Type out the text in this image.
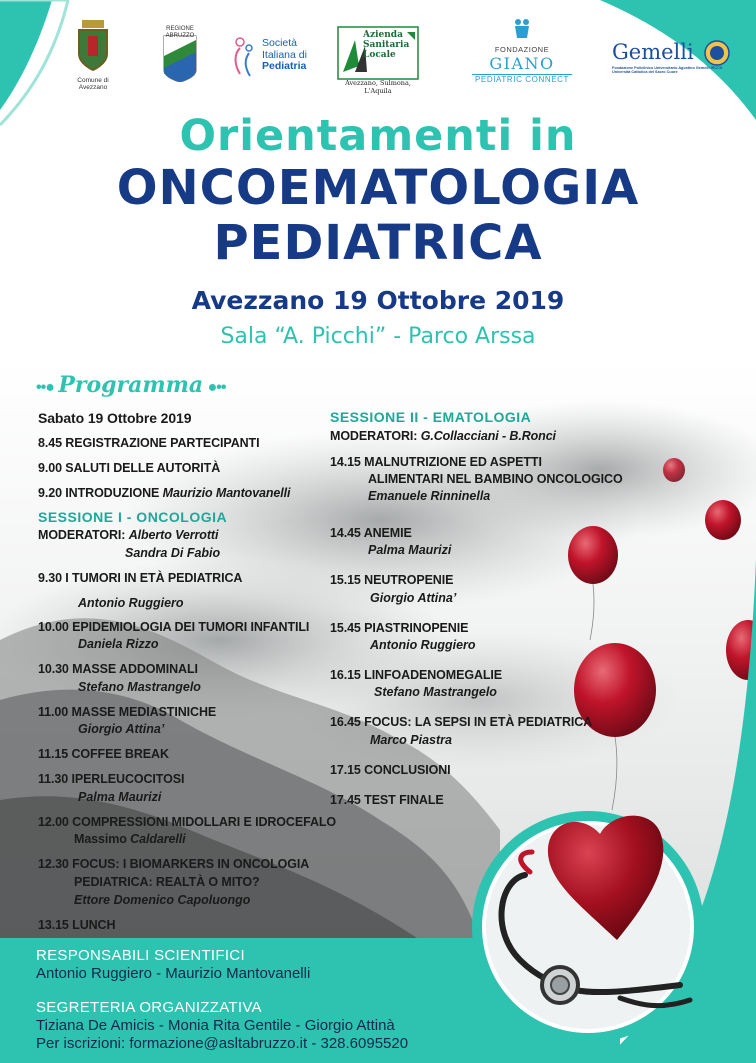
Comune di
Avezzano
REGIONE ABRUZZO
Società
Italiana di
Pediatria
Azienda
Sanitaria
Locale
Avezzano, Sulmona,
L'Aquila
FONDAZIONE
GIANO
PEDIATRIC CONNECT
Gemelli
Fondazione Policlinico Universitario Agostino Gemelli IRCCS
Università Cattolica del Sacro Cuore
Orientamenti in
ONCOEMATOLOGIA
PEDIATRICA
Avezzano 19 Ottobre 2019
Sala “A. Picchi” - Parco Arssa
••● Programma ●••
Sabato 19 Ottobre 2019
8.45 REGISTRAZIONE PARTECIPANTI
9.00 SALUTI DELLE AUTORITÀ
9.20 INTRODUZIONE Maurizio Mantovanelli
SESSIONE I - ONCOLOGIA
MODERATORI: Alberto Verrotti
Sandra Di Fabio
9.30 I TUMORI IN ETÀ PEDIATRICA
Antonio Ruggiero
10.00 EPIDEMIOLOGIA DEI TUMORI INFANTILI
Daniela Rizzo
10.30 MASSE ADDOMINALI
Stefano Mastrangelo
11.00 MASSE MEDIASTINICHE
Giorgio Attina’
11.15 COFFEE BREAK
11.30 IPERLEUCOCITOSI
Palma Maurizi
12.00 COMPRESSIONI MIDOLLARI E IDROCEFALO
Massimo Caldarelli
12.30 FOCUS: I BIOMARKERS IN ONCOLOGIA
PEDIATRICA: REALTÀ O MITO?
Ettore Domenico Capoluongo
13.15 LUNCH
SESSIONE II - EMATOLOGIA
MODERATORI: G.Collacciani - B.Ronci
14.15 MALNUTRIZIONE ED ASPETTI
ALIMENTARI NEL BAMBINO ONCOLOGICO
Emanuele Rinninella
14.45 ANEMIE
Palma Maurizi
15.15 NEUTROPENIE
Giorgio Attina’
15.45 PIASTRINOPENIE
Antonio Ruggiero
16.15 LINFOADENOMEGALIE
Stefano Mastrangelo
16.45 FOCUS: LA SEPSI IN ETÀ PEDIATRICA
Marco Piastra
17.15 CONCLUSIONI
17.45 TEST FINALE
RESPONSABILI SCIENTIFICI
Antonio Ruggiero - Maurizio Mantovanelli
SEGRETERIA ORGANIZZATIVA
Tiziana De Amicis - Monia Rita Gentile - Giorgio Attinà
Per iscrizioni: formazione@asltabruzzo.it - 328.6095520
